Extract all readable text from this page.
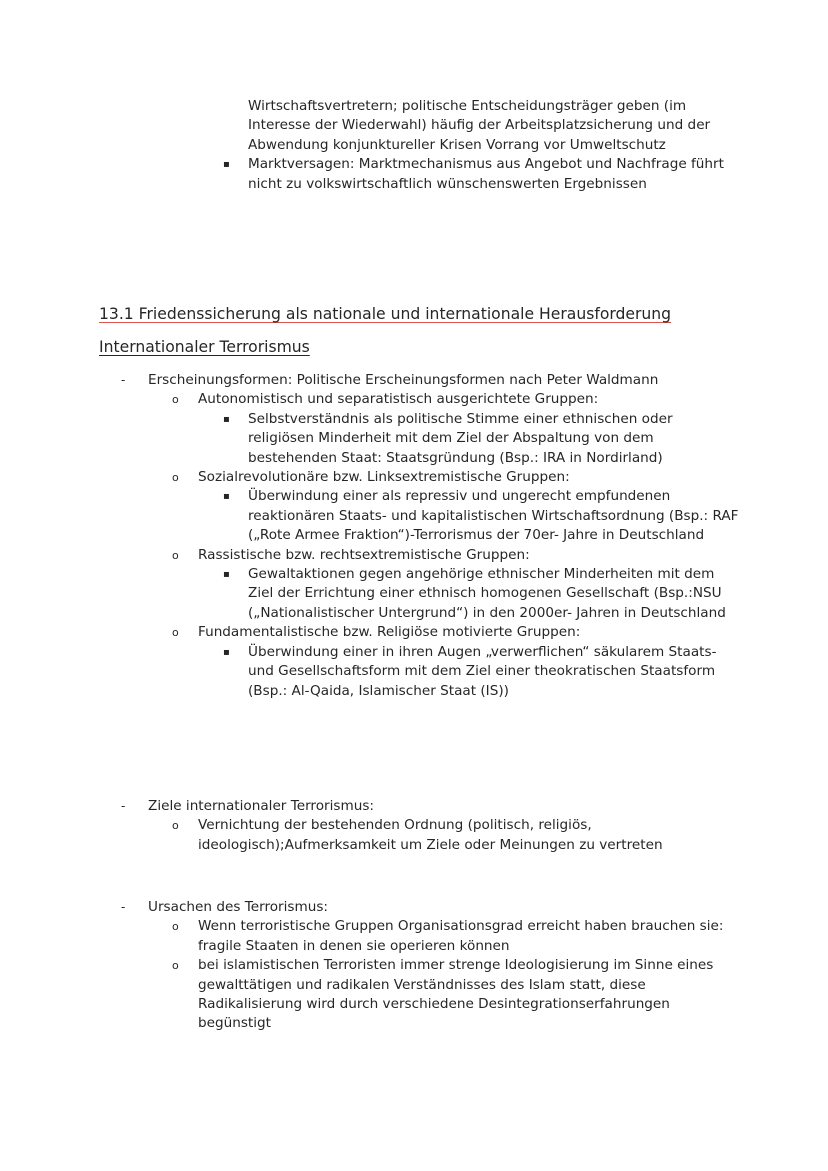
Wirtschaftsvertretern; politische Entscheidungsträger geben (im Interesse der Wiederwahl) häufig der Arbeitsplatzsicherung und der Abwendung konjunktureller Krisen Vorrang vor Umweltschutz

▪ Marktversagen: Marktmechanismus aus Angebot und Nachfrage führt nicht zu volkswirtschaftlich wünschenswerten Ergebnissen

13.1 Friedenssicherung als nationale und internationale Herausforderung
Internationaler Terrorismus

- Erscheinungsformen: Politische Erscheinungsformen nach Peter Waldmann

o Autonomistisch und separatistisch ausgerichtete Gruppen:

▪ Selbstverständnis als politische Stimme einer ethnischen oder religiösen Minderheit mit dem Ziel der Abspaltung von dem bestehenden Staat: Staatsgründung (Bsp.: IRA in Nordirland)

o Sozialrevolutionäre bzw. Linksextremistische Gruppen:

▪ Überwindung einer als repressiv und ungerecht empfundenen reaktionären Staats- und kapitalistischen Wirtschaftsordnung (Bsp.: RAF („Rote Armee Fraktion“)-Terrorismus der 70er- Jahre in Deutschland

o Rassistische bzw. rechtsextremistische Gruppen:

▪ Gewaltaktionen gegen angehörige ethnischer Minderheiten mit dem Ziel der Errichtung einer ethnisch homogenen Gesellschaft (Bsp.:NSU („Nationalistischer Untergrund“) in den 2000er- Jahren in Deutschland

o Fundamentalistische bzw. Religiöse motivierte Gruppen:

▪ Überwindung einer in ihren Augen „verwerflichen“ säkularem Staats- und Gesellschaftsform mit dem Ziel einer theokratischen Staatsform (Bsp.: Al-Qaida, Islamischer Staat (IS))

- Ziele internationaler Terrorismus:

o Vernichtung der bestehenden Ordnung (politisch, religiös, ideologisch);Aufmerksamkeit um Ziele oder Meinungen zu vertreten

- Ursachen des Terrorismus:

o Wenn terroristische Gruppen Organisationsgrad erreicht haben brauchen sie: fragile Staaten in denen sie operieren können

o bei islamistischen Terroristen immer strenge Ideologisierung im Sinne eines gewalttätigen und radikalen Verständnisses des Islam statt, diese Radikalisierung wird durch verschiedene Desintegrationserfahrungen begünstigt
